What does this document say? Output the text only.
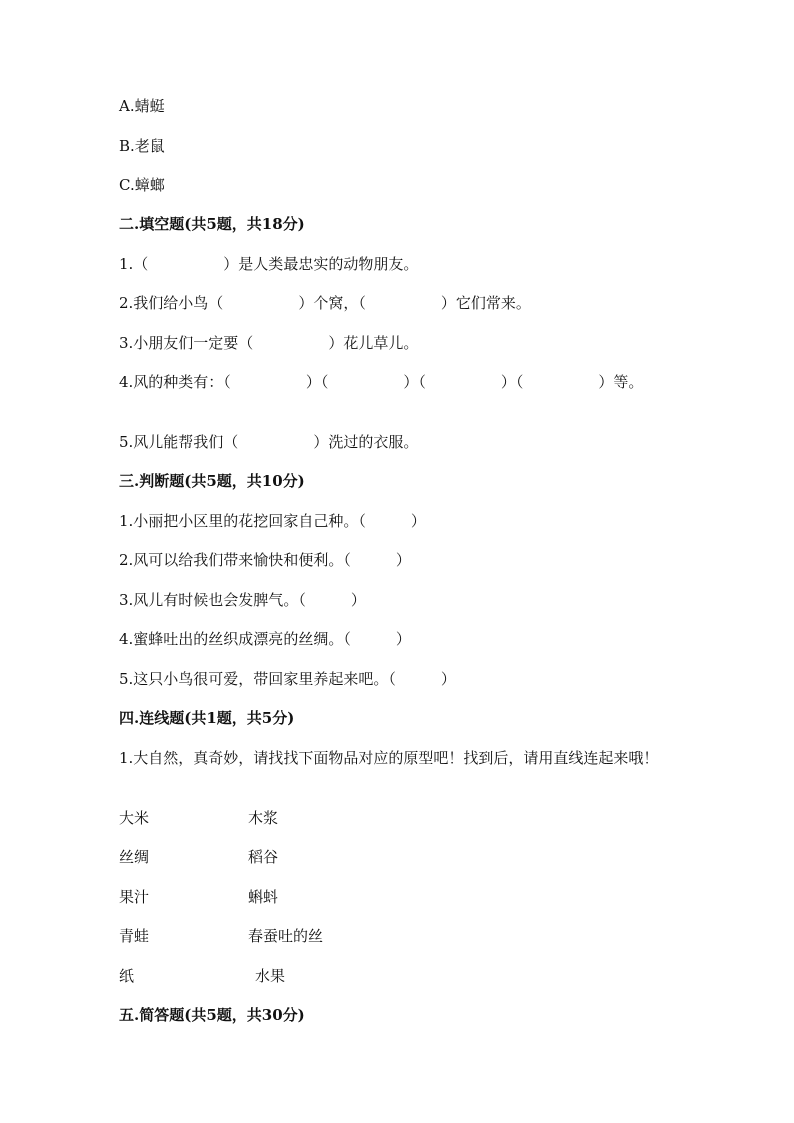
A.蜻蜓
B.老鼠
C.蟑螂
二.填空题(共5题，共18分)
1.（　　　　　）是人类最忠实的动物朋友。
2.我们给小鸟（　　　　　）个窝，（　　　　　）它们常来。
3.小朋友们一定要（　　　　　）花儿草儿。
4.风的种类有：（　　　　　）（　　　　　）（　　　　　）（　　　　　）等。
5.风儿能帮我们（　　　　　）洗过的衣服。
三.判断题(共5题，共10分)
1.小丽把小区里的花挖回家自己种。（　　　）
2.风可以给我们带来愉快和便利。（　　　）
3.风儿有时候也会发脾气。（　　　）
4.蜜蜂吐出的丝织成漂亮的丝绸。（　　　）
5.这只小鸟很可爱，带回家里养起来吧。（　　　）
四.连线题(共1题，共5分)
1.大自然，真奇妙，请找找下面物品对应的原型吧！找到后，请用直线连起来哦！
大米	木浆
丝绸	稻谷
果汁	蝌蚪
青蛙	春蚕吐的丝
纸	水果
五.简答题(共5题，共30分)
